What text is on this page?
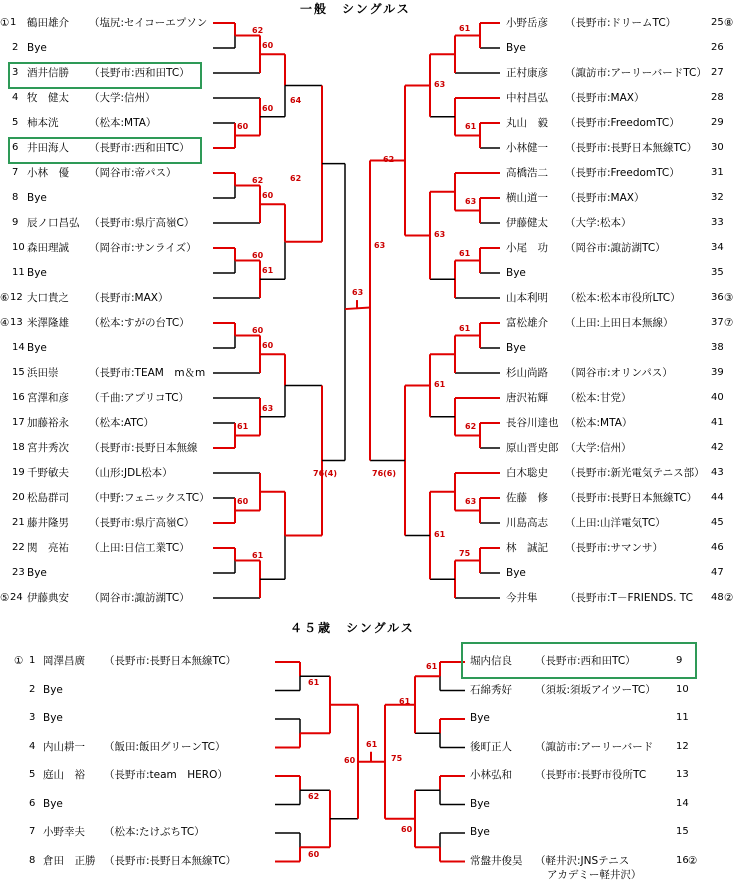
一般　シングルス
４５歳　シングルス
① 1 鶴田雄介 （塩尻:セイコーエプソン
2 Bye
3 酒井信勝 （長野市:西和田TC）
4 牧　健太 （大学:信州）
5 柿本洸	（松本:MTA）
6 井田海人 （長野市:西和田TC）
7 小林　優 （岡谷市:帝パス）
8 Bye
9 辰ノ口昌弘 （長野市:県庁高嶺C）
10 森田理誠 （岡谷市:サンライズ）
11 Bye
⑥ 12 大口貴之 （長野市:MAX）
④ 13 米澤隆雄 （松本:すがの台TC）
14 Bye
15 浜田崇	（長野市:TEAM　m＆m
16 宮澤和彦 （千曲:アプリコTC）
17 加藤裕永 （松本:ATC）
18 宮井秀次 （長野市:長野日本無線
19 千野敏夫 （山形:JDL松本）
20 松島群司 （中野:フェニックスTC）
21 藤井隆男 （長野市:県庁高嶺C）
22 関　亮祐 （上田:日信工業TC）
23 Bye
⑤ 24 伊藤典安 （岡谷市:諏訪湖TC）
小野岳彦 （長野市:ドリームTC）	25 ⑧
Bye	26
正村康彦 （諏訪市:アーリーバードTC） 27
中村昌弘 （長野市:MAX）	28
丸山　毅 （長野市:FreedomTC）	29
小林健一 （長野市:長野日本無線TC） 30
高橋浩二 （長野市:FreedomTC）	31
横山道一 （長野市:MAX）	32
伊藤健太 （大学:松本）	33
小尾　功 （岡谷市:諏訪湖TC）	34
Bye	35
山本利明 （松本:松本市役所LTC）	36 ③
富松雄介 （上田:上田日本無線）	37 ⑦
Bye	38
杉山尚路 （岡谷市:オリンパス）	39
唐沢祐輝 （松本:甘党）	40
長谷川達也 （松本:MTA）	41
原山晋史郎 （大学:信州）	42
白木聡史 （長野市:新光電気テニス部） 43
佐藤　修 （長野市:長野日本無線TC） 44
川島高志 （上田:山洋電気TC）	45
林　誠記 （長野市:サマンサ）	46
Bye	47
今井隼	（長野市:T－FRIENDS. TC 48 ②
62
60
60
60
62
60
60
61
60
60
61
63
60
61
64
62
76(4)
61
61
63
61
61
62
63
75
63
63
61
61
62
63
76(6)
63
① 1 岡澤昌廣 （長野市:長野日本無線TC）
2 Bye
3 Bye
4 内山耕一 （飯田:飯田グリーンTC）
5 庭山　裕 （長野市:team　HERO）
6 Bye
7 小野幸夫 （松本:たけぶちTC）
8 倉田　正勝 （長野市:長野日本無線TC）
堀内信良 （長野市:西和田TC）	9
石綿秀好 （須坂:須坂アイツーTC） 10
Bye	11
後町正人 （諏訪市:アーリーバード 12
小林弘和 （長野市:長野市役所TC	13
Bye	14
Bye	15
常盤井俊昊 （軽井沢:JNSテニス	16 ②
アカデミー軽井沢）
61
62
60
60
61
61
60
75
61
